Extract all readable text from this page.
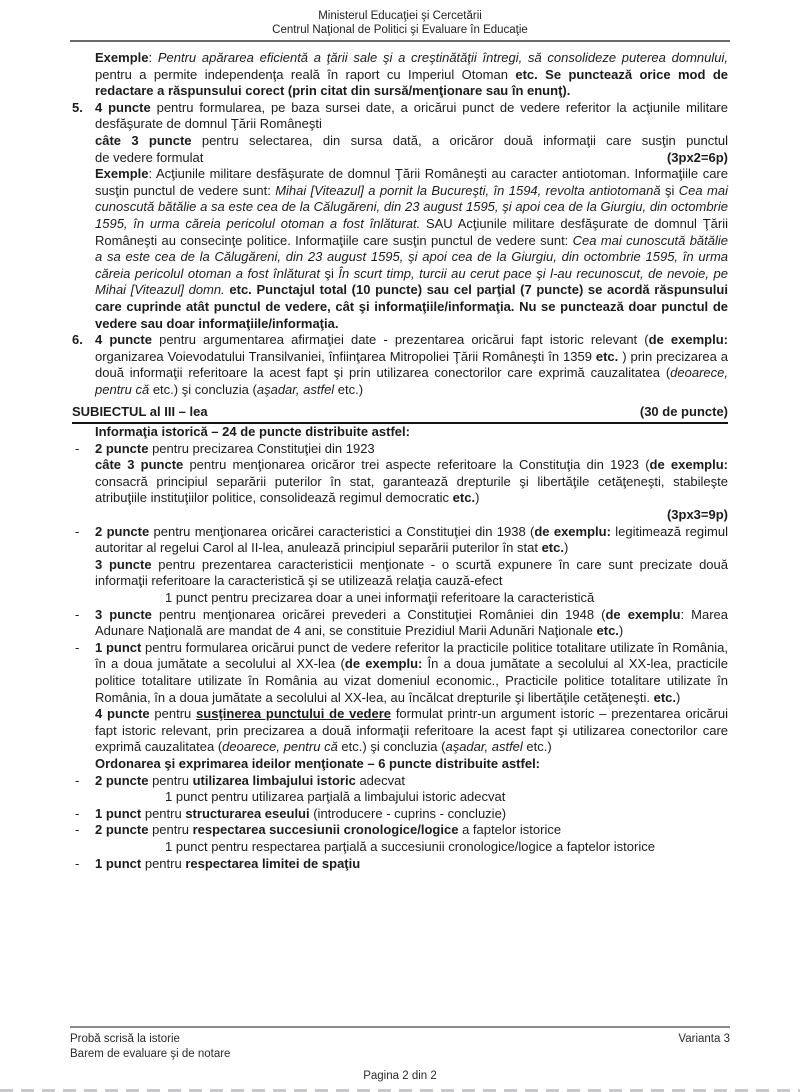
Ministerul Educaţiei şi Cercetării
Centrul Naţional de Politici şi Evaluare în Educaţie
Exemple: Pentru apărarea eficientă a ţării sale şi a creştinătăţii întregi, să consolideze puterea domnului, pentru a permite independenţa reală în raport cu Imperiul Otoman etc. Se punctează orice mod de redactare a răspunsului corect (prin citat din sursă/menţionare sau în enunţ).
5. 4 puncte pentru formularea, pe baza sursei date, a oricărui punct de vedere referitor la acţiunile militare desfăşurate de domnul Ţării Româneşti
câte 3 puncte pentru selectarea, din sursa dată, a oricăror două informaţii care susţin punctul
de vedere formulat	(3px2=6p)
Exemple: Acţiunile militare desfăşurate de domnul Ţării Româneşti au caracter antiotoman. Informaţiile care susţin punctul de vedere sunt: Mihai [Viteazul] a pornit la Bucureşti, în 1594, revolta antiotomană şi Cea mai cunoscută bătălie a sa este cea de la Călugăreni, din 23 august 1595, şi apoi cea de la Giurgiu, din octombrie 1595, în urma căreia pericolul otoman a fost înlăturat. SAU Acţiunile militare desfăşurate de domnul Ţării Româneşti au consecinţe politice. Informaţiile care susţin punctul de vedere sunt: Cea mai cunoscută bătălie a sa este cea de la Călugăreni, din 23 august 1595, şi apoi cea de la Giurgiu, din octombrie 1595, în urma căreia pericolul otoman a fost înlăturat şi În scurt timp, turcii au cerut pace şi l-au recunoscut, de nevoie, pe Mihai [Viteazul] domn. etc. Punctajul total (10 puncte) sau cel parţial (7 puncte) se acordă răspunsului care cuprinde atât punctul de vedere, cât şi informaţiile/informaţia. Nu se punctează doar punctul de vedere sau doar informaţiile/informaţia.
6. 4 puncte pentru argumentarea afirmaţiei date - prezentarea oricărui fapt istoric relevant (de exemplu: organizarea Voievodatului Transilvaniei, înfiinţarea Mitropoliei Ţării Româneşti în 1359 etc. ) prin precizarea a două informaţii referitoare la acest fapt şi prin utilizarea conectorilor care exprimă cauzalitatea (deoarece, pentru că etc.) şi concluzia (aşadar, astfel etc.)
SUBIECTUL al III – lea	(30 de puncte)
Informaţia istorică – 24 de puncte distribuite astfel:
- 2 puncte pentru precizarea Constituţiei din 1923
câte 3 puncte pentru menţionarea oricăror trei aspecte referitoare la Constituţia din 1923 (de exemplu: consacră principiul separării puterilor în stat, garantează drepturile şi libertăţile cetăţeneşti, stabileşte atribuţiile instituţiilor politice, consolidează regimul democratic etc.)
(3px3=9p)
- 2 puncte pentru menţionarea oricărei caracteristici a Constituţiei din 1938 (de exemplu: legitimează regimul autoritar al regelui Carol al II-lea, anulează principiul separării puterilor în stat etc.)
3 puncte pentru prezentarea caracteristicii menţionate - o scurtă expunere în care sunt precizate două informaţii referitoare la caracteristică şi se utilizează relaţia cauză-efect
1 punct pentru precizarea doar a unei informaţii referitoare la caracteristică
- 3 puncte pentru menţionarea oricărei prevederi a Constituţiei României din 1948 (de exemplu: Marea Adunare Naţională are mandat de 4 ani, se constituie Prezidiul Marii Adunări Naţionale etc.)
- 1 punct pentru formularea oricărui punct de vedere referitor la practicile politice totalitare utilizate în România, în a doua jumătate a secolului al XX-lea (de exemplu: În a doua jumătate a secolului al XX-lea, practicile politice totalitare utilizate în România au vizat domeniul economic., Practicile politice totalitare utilizate în România, în a doua jumătate a secolului al XX-lea, au încălcat drepturile şi libertăţile cetăţeneşti. etc.)
4 puncte pentru susţinerea punctului de vedere formulat printr-un argument istoric – prezentarea oricărui fapt istoric relevant, prin precizarea a două informaţii referitoare la acest fapt şi utilizarea conectorilor care exprimă cauzalitatea (deoarece, pentru că etc.) şi concluzia (aşadar, astfel etc.)
Ordonarea şi exprimarea ideilor menţionate – 6 puncte distribuite astfel:
- 2 puncte pentru utilizarea limbajului istoric adecvat
1 punct pentru utilizarea parţială a limbajului istoric adecvat
- 1 punct pentru structurarea eseului (introducere - cuprins - concluzie)
- 2 puncte pentru respectarea succesiunii cronologice/logice a faptelor istorice
1 punct pentru respectarea parţială a succesiunii cronologice/logice a faptelor istorice
- 1 punct pentru respectarea limitei de spaţiu
Probă scrisă la istorie	Varianta 3
Barem de evaluare şi de notare
Pagina 2 din 2
